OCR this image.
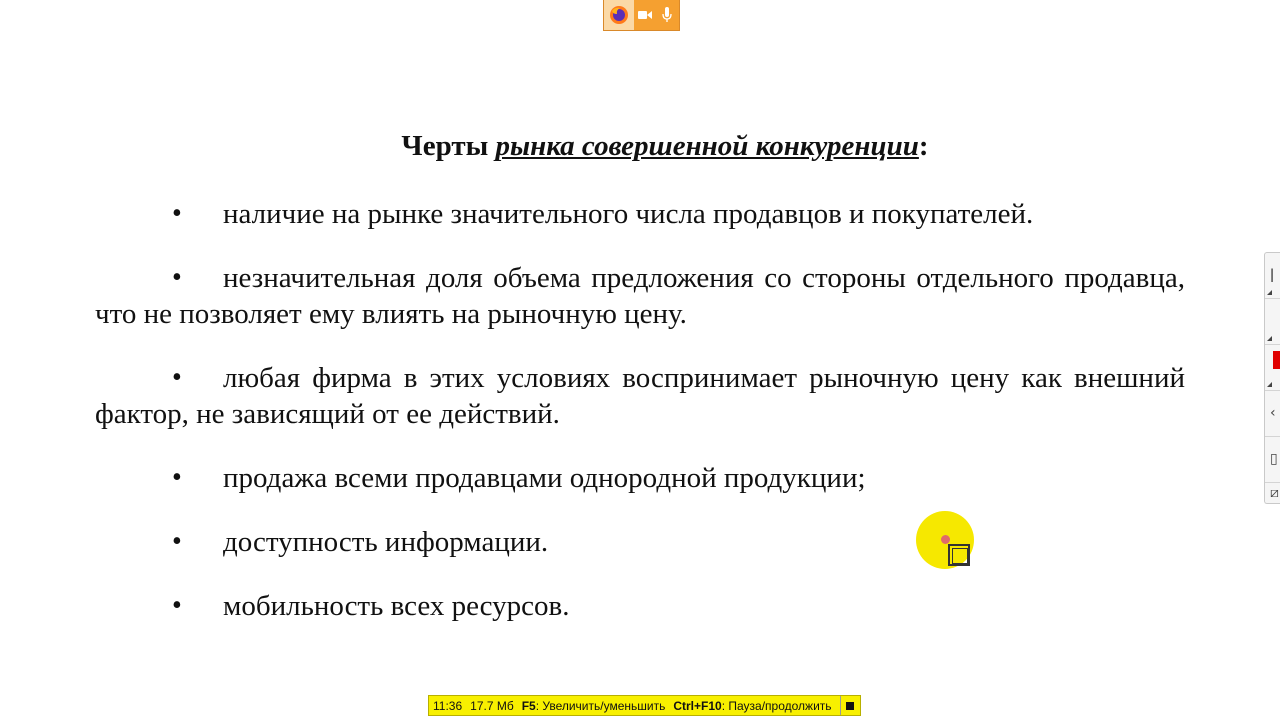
Черты рынка совершенной конкуренции:
•	наличие на рынке значительного числа продавцов и покупателей.
•	незначительная доля объема предложения со стороны отдельного продавца, что не позволяет ему влиять на рыночную цену.
•	любая фирма в этих условиях воспринимает рыночную цену как внешний фактор, не зависящий от ее действий.
•	продажа всеми продавцами однородной продукции;
•	доступность информации.
•	мобильность всех ресурсов.
ǀ
‹
▯
⧄
11:36 17.7 Мб F5 : Увеличить/уменьшить Ctrl+F10 : Пауза/продолжить
